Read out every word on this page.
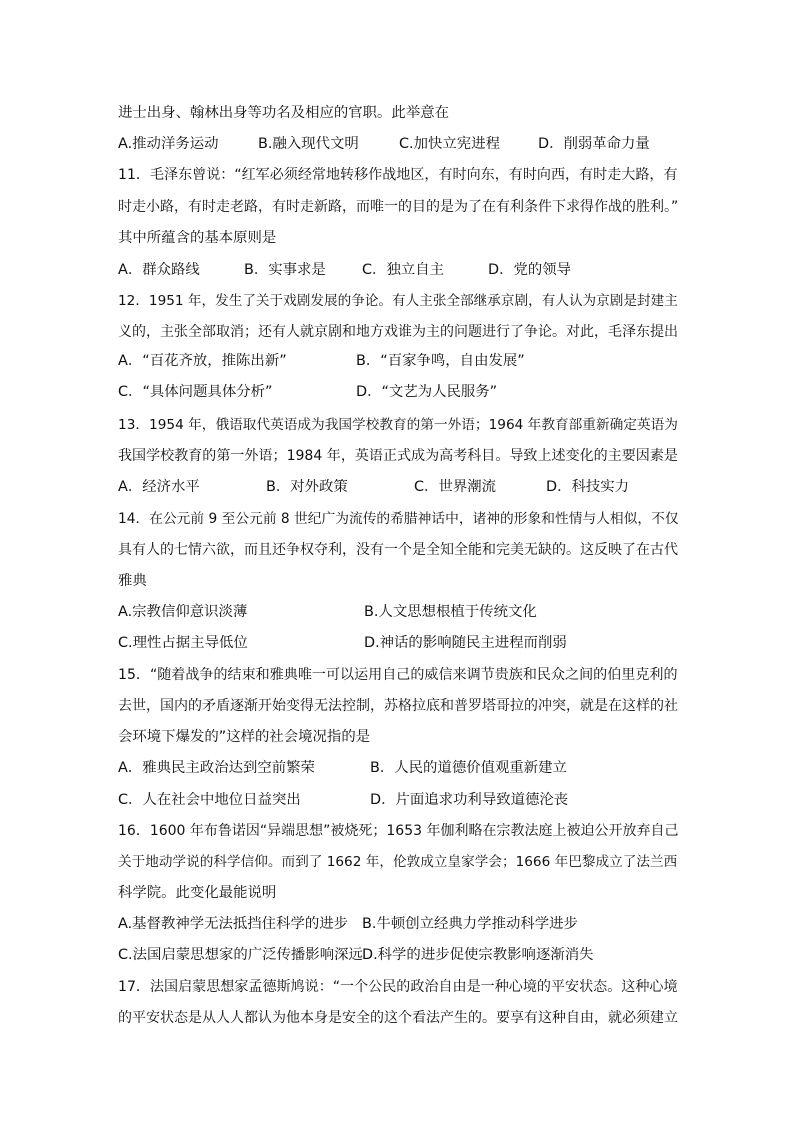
进士出身、翰林出身等功名及相应的官职。此举意在
A.推动洋务运动	B.融入现代文明	C.加快立宪进程	D．削弱革命力量
11．毛泽东曾说：“红军必须经常地转移作战地区，有时向东，有时向西，有时走大路，有
时走小路，有时走老路，有时走新路，而唯一的目的是为了在有利条件下求得作战的胜利。”
其中所蕴含的基本原则是
A．群众路线	B．实事求是	C．独立自主	D．党的领导
12．1951 年，发生了关于戏剧发展的争论。有人主张全部继承京剧，有人认为京剧是封建主
义的，主张全部取消；还有人就京剧和地方戏谁为主的问题进行了争论。对此，毛泽东提出
A．“百花齐放，推陈出新”	B．“百家争鸣，自由发展”
C．“具体问题具体分析”	D．“文艺为人民服务”
13．1954 年，俄语取代英语成为我国学校教育的第一外语；1964 年教育部重新确定英语为
我国学校教育的第一外语；1984 年，英语正式成为高考科目。导致上述变化的主要因素是
A．经济水平	B．对外政策	C．世界潮流	D．科技实力
14．在公元前 9 至公元前 8 世纪广为流传的希腊神话中，诸神的形象和性情与人相似，不仅
具有人的七情六欲，而且还争权夺利，没有一个是全知全能和完美无缺的。这反映了在古代
雅典
A.宗教信仰意识淡薄	B.人文思想根植于传统文化
C.理性占据主导低位	D.神话的影响随民主进程而削弱
15．“随着战争的结束和雅典唯一可以运用自己的威信来调节贵族和民众之间的伯里克利的
去世，国内的矛盾逐渐开始变得无法控制，苏格拉底和普罗塔哥拉的冲突，就是在这样的社
会环境下爆发的”这样的社会境况指的是
A．雅典民主政治达到空前繁荣	B．人民的道德价值观重新建立
C．人在社会中地位日益突出	D．片面追求功利导致道德沦丧
16．1600 年布鲁诺因“异端思想”被烧死；1653 年伽利略在宗教法庭上被迫公开放弃自己
关于地动学说的科学信仰。而到了 1662 年，伦敦成立皇家学会；1666 年巴黎成立了法兰西
科学院。此变化最能说明
A.基督教神学无法抵挡住科学的进步 B.牛顿创立经典力学推动科学进步
C.法国启蒙思想家的广泛传播影响深远 D.科学的进步促使宗教影响逐渐消失
17．法国启蒙思想家孟德斯鸠说：“一个公民的政治自由是一种心境的平安状态。这种心境
的平安状态是从人人都认为他本身是安全的这个看法产生的。要享有这种自由，就必须建立
